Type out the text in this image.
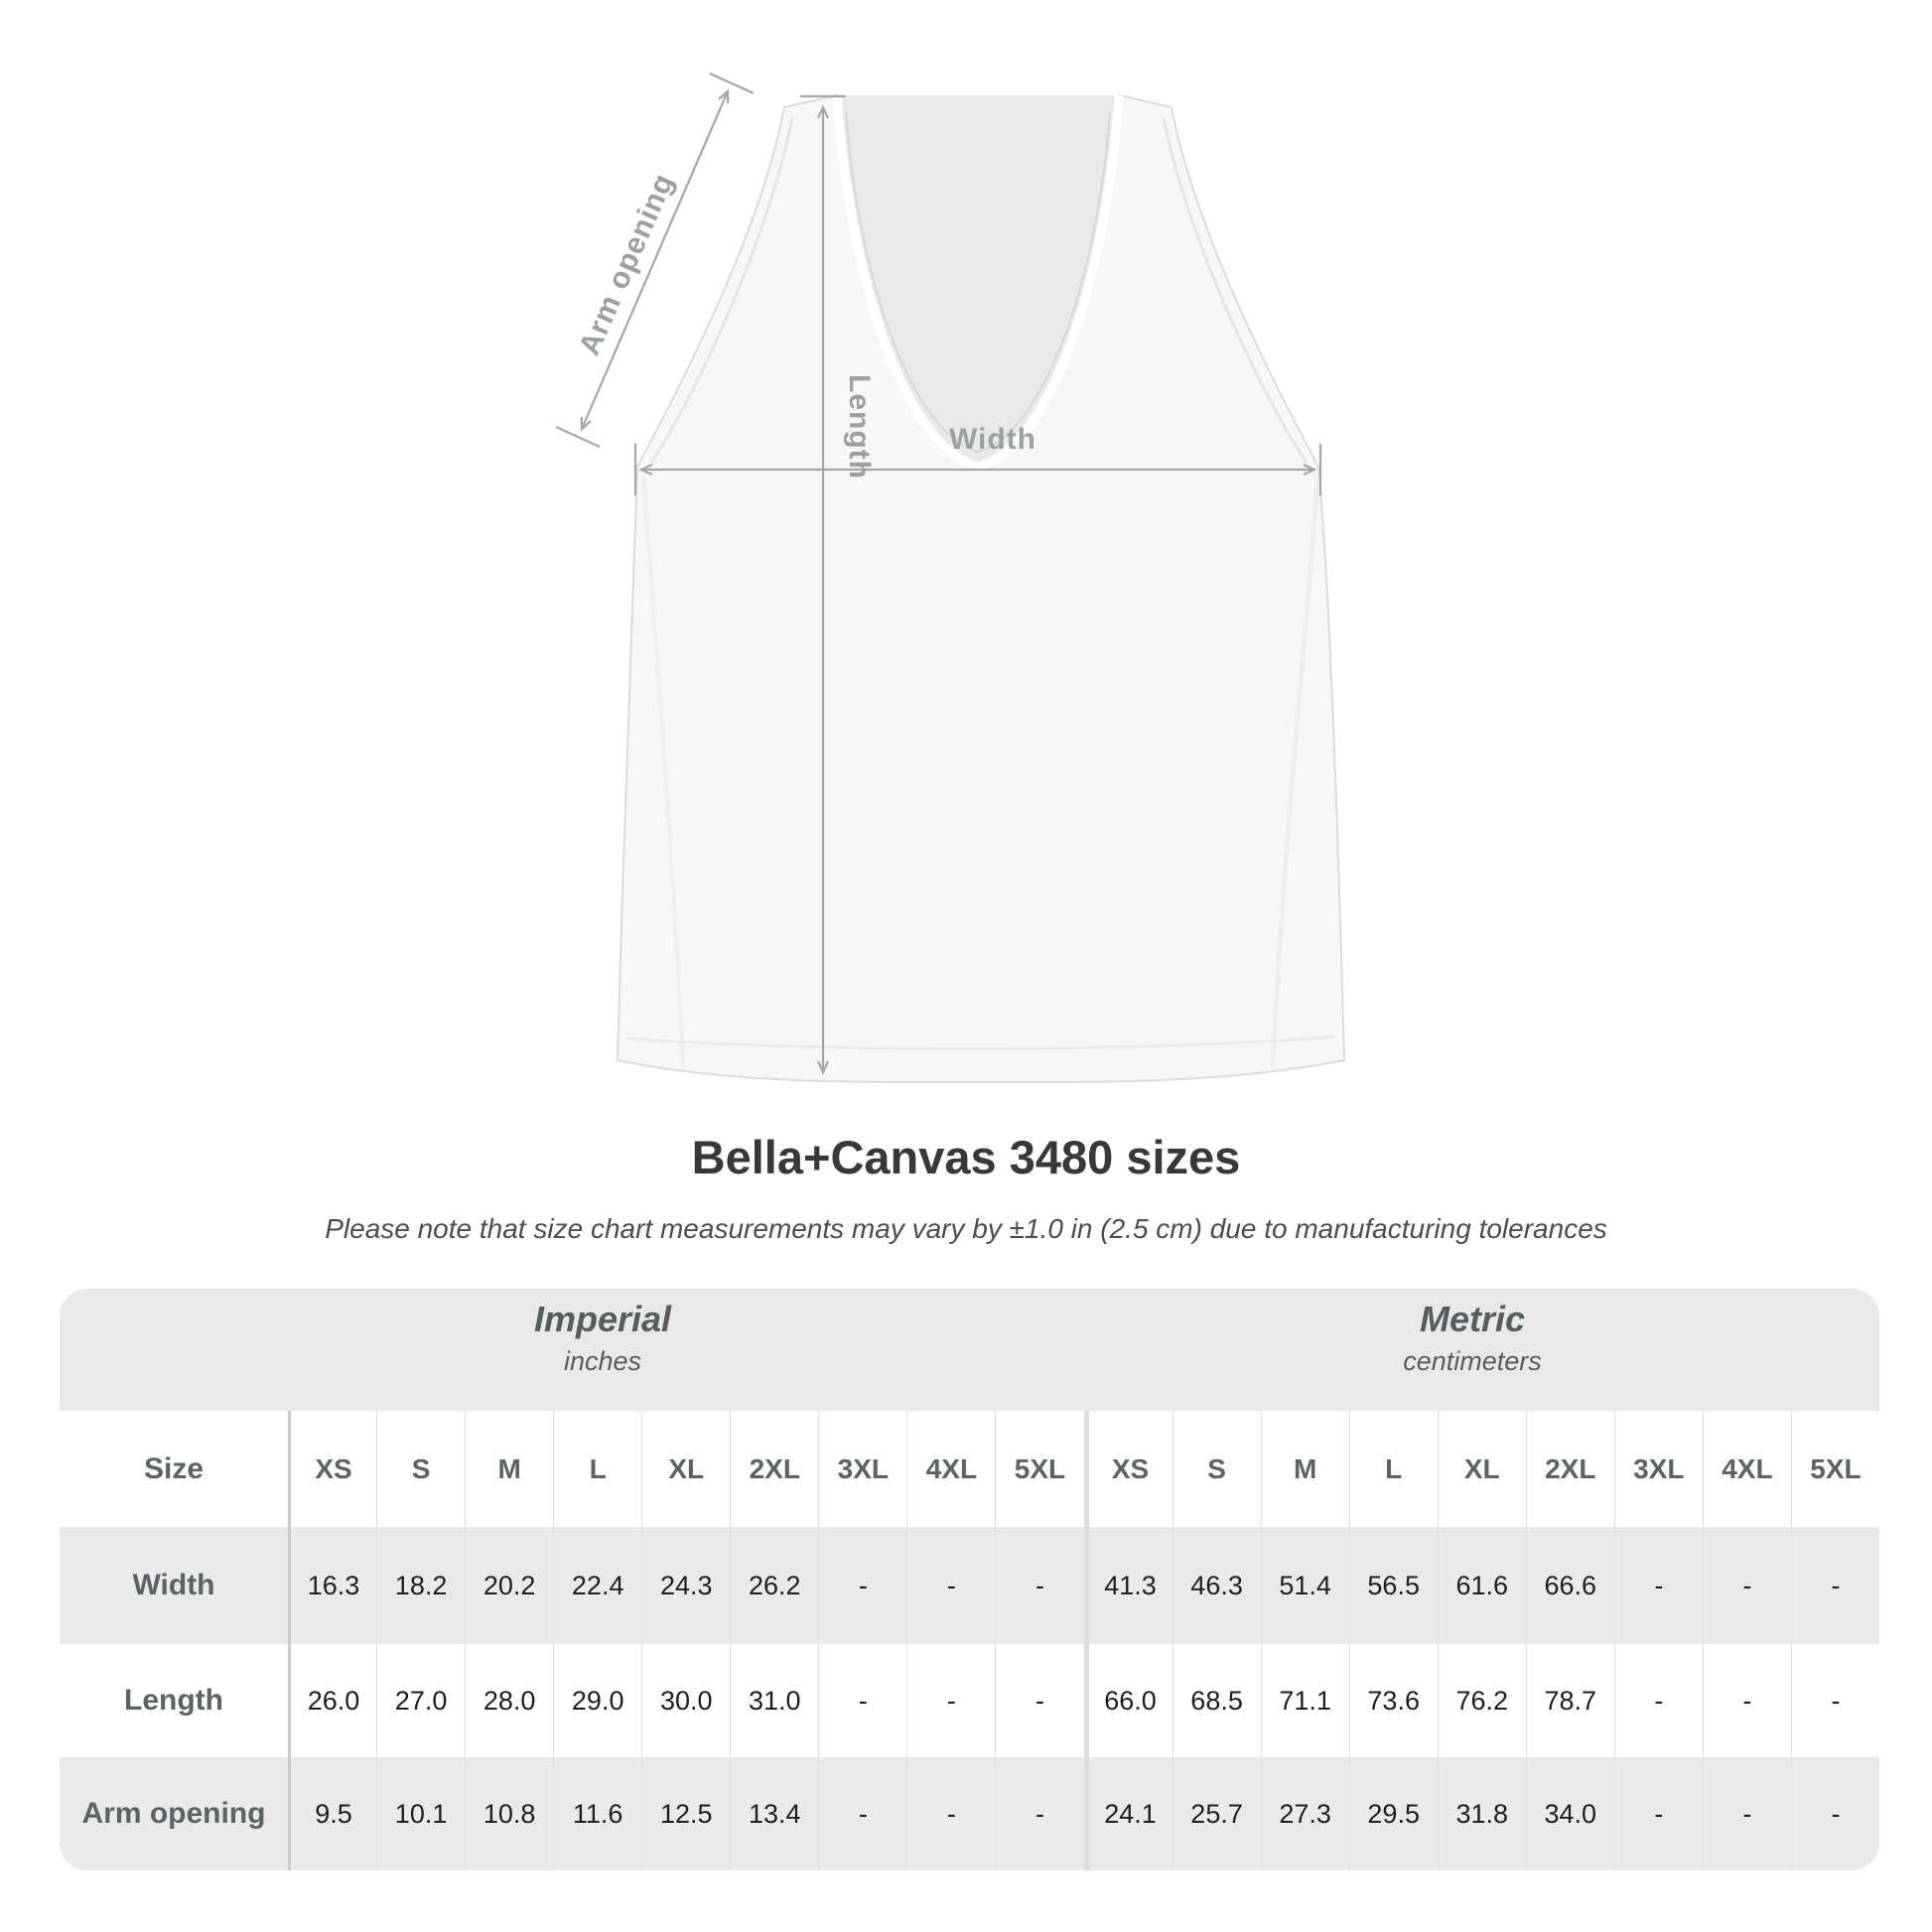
Arm opening
Length Width
Bella+Canvas 3480 sizes

Please note that size chart measurements may vary by ±1.0 in (2.5 cm) due to manufacturing tolerances

Imperial
inches
Metric
centimeters
Size	XS	S	M	L	XL	2XL	3XL	4XL	5XL	XS	S	M	L	XL	2XL	3XL	4XL	5XL
Width	16.3	18.2	20.2	22.4	24.3	26.2	-	-	-	41.3	46.3	51.4	56.5	61.6	66.6	-	-	-
Length	26.0	27.0	28.0	29.0	30.0	31.0	-	-	-	66.0	68.5	71.1	73.6	76.2	78.7	-	-	-
Arm opening	9.5	10.1	10.8	11.6	12.5	13.4	-	-	-	24.1	25.7	27.3	29.5	31.8	34.0	-	-	-
